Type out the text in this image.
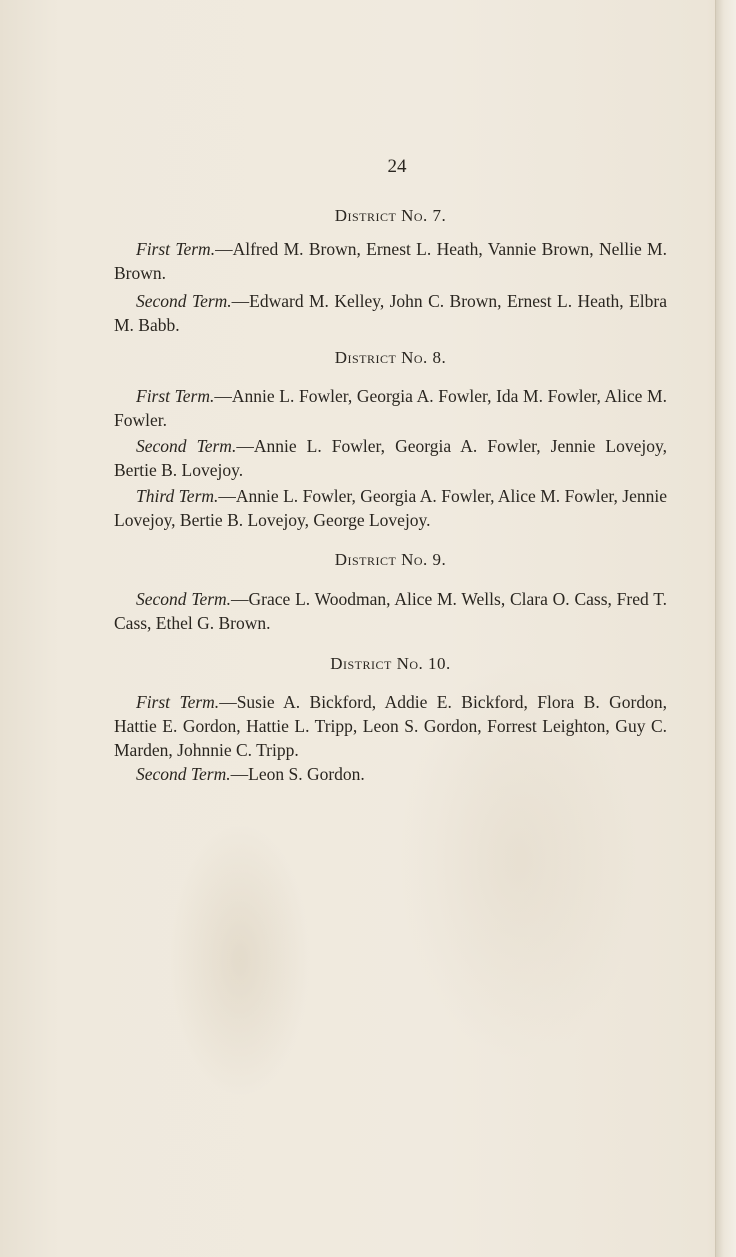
24

District No. 7.

First Term.—Alfred M. Brown, Ernest L. Heath, Vannie Brown, Nellie M. Brown.

Second Term.—Edward M. Kelley, John C. Brown, Ernest L. Heath, Elbra M. Babb.

District No. 8.

First Term.—Annie L. Fowler, Georgia A. Fowler, Ida M. Fowler, Alice M. Fowler.

Second Term.—Annie L. Fowler, Georgia A. Fowler, Jennie Lovejoy, Bertie B. Lovejoy.

Third Term.—Annie L. Fowler, Georgia A. Fowler, Alice M. Fowler, Jennie Lovejoy, Bertie B. Lovejoy, George Lovejoy.

District No. 9.

Second Term.—Grace L. Woodman, Alice M. Wells, Clara O. Cass, Fred T. Cass, Ethel G. Brown.

District No. 10.

First Term.—Susie A. Bickford, Addie E. Bickford, Flora B. Gordon, Hattie E. Gordon, Hattie L. Tripp, Leon S. Gordon, Forrest Leighton, Guy C. Marden, Johnnie C. Tripp.

Second Term.—Leon S. Gordon.
